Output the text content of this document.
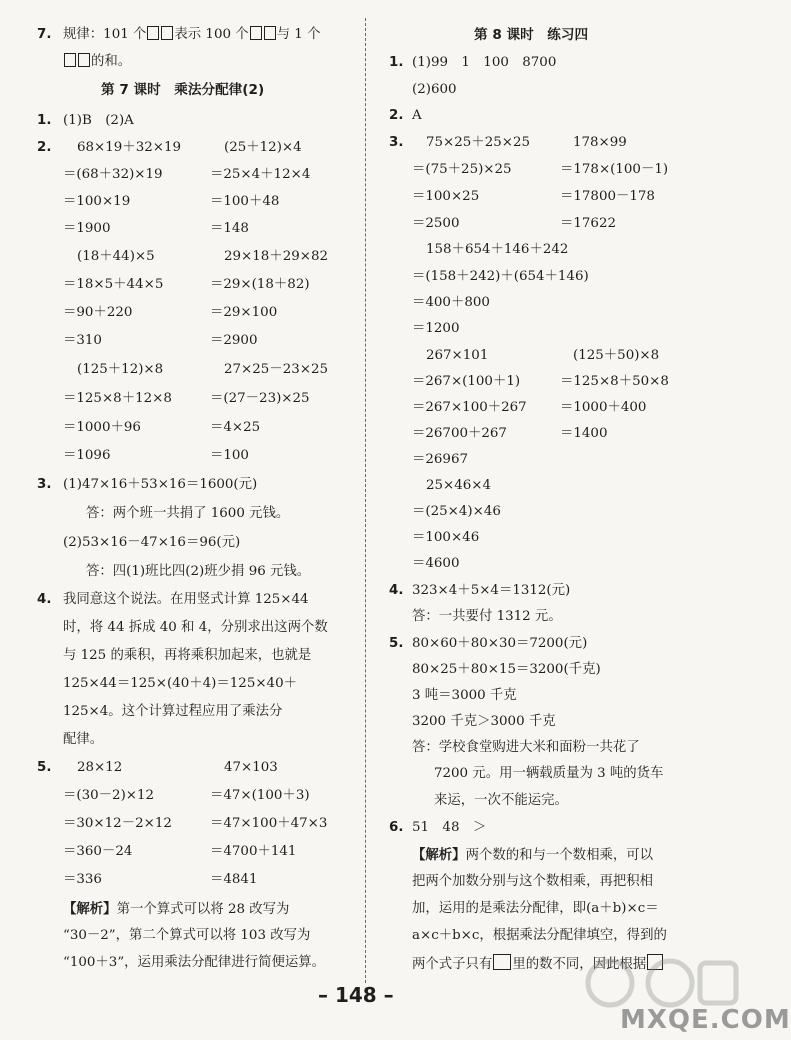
7. 规律：101 个 表示 100 个 与 1 个
的和。
第 7 课时　乘法分配律(2)
1. (1)B　(2)A
2. 68×19＋32×19
＝(68＋32)×19
＝100×19
＝1900
(25＋12)×4
＝25×4＋12×4
＝100＋48
＝148
(18＋44)×5
＝18×5＋44×5
＝90＋220
＝310
29×18＋29×82
＝29×(18＋82)
＝29×100
＝2900
(125＋12)×8
＝125×8＋12×8
＝1000＋96
＝1096
27×25－23×25
＝(27－23)×25
＝4×25
＝100
3. (1)47×16＋53×16＝1600(元)
答：两个班一共捐了 1600 元钱。
(2)53×16－47×16＝96(元)
答：四(1)班比四(2)班少捐 96 元钱。
4. 我同意这个说法。在用竖式计算 125×44
时，将 44 拆成 40 和 4，分别求出这两个数
与 125 的乘积，再将乘积加起来，也就是
125×44＝125×(40＋4)＝125×40＋
125×4。这个计算过程应用了乘法分
配律。
5. 28×12
＝(30－2)×12
＝30×12－2×12
＝360－24
＝336
47×103
＝47×(100＋3)
＝47×100＋47×3
＝4700＋141
＝4841
【解析】第一个算式可以将 28 改写为
“30－2”，第二个算式可以将 103 改写为
“100＋3”，运用乘法分配律进行简便运算。
第 8 课时　练习四
1. (1)99　1　100　8700
(2)600
2. A
3. 75×25＋25×25
＝(75＋25)×25
＝100×25
＝2500
178×99
＝178×(100－1)
＝17800－178
＝17622
158＋654＋146＋242
＝(158＋242)＋(654＋146)
＝400＋800
＝1200
267×101
＝267×(100＋1)
＝267×100＋267
＝26700＋267
＝26967
(125＋50)×8
＝125×8＋50×8
＝1000＋400
＝1400
25×46×4
＝(25×4)×46
＝100×46
＝4600
4. 323×4＋5×4＝1312(元)
答：一共要付 1312 元。
5. 80×60＋80×30＝7200(元)
80×25＋80×15＝3200(千克)
3 吨＝3000 千克
3200 千克＞3000 千克
答：学校食堂购进大米和面粉一共花了
7200 元。用一辆载质量为 3 吨的货车
来运，一次不能运完。
6. 51　48　＞
【解析】两个数的和与一个数相乘，可以
把两个加数分别与这个数相乘，再把积相
加，运用的是乘法分配律，即(a＋b)×c＝
a×c＋b×c，根据乘法分配律填空，得到的
两个式子只有 里的数不同，因此根据
– 148 –
MXQE.COM
